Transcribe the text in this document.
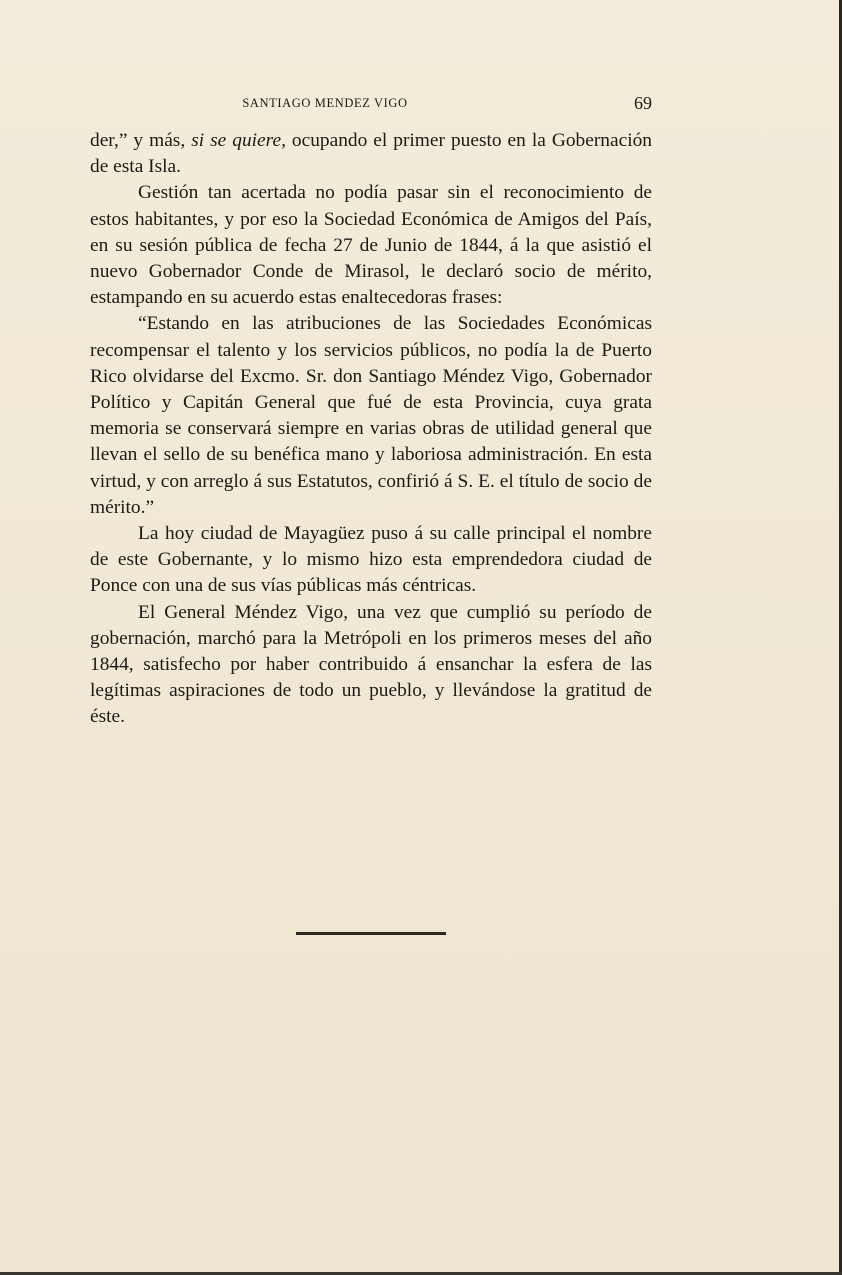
SANTIAGO MENDEZ VIGO	69

der,” y más, si se quiere, ocupando el primer puesto en la Gobernación de esta Isla.

Gestión tan acertada no podía pasar sin el reconocimiento de estos habitantes, y por eso la Sociedad Económica de Amigos del País, en su sesión pública de fecha 27 de Junio de 1844, á la que asistió el nuevo Gobernador Conde de Mirasol, le declaró socio de mérito, estampando en su acuerdo estas enaltecedoras frases:

“Estando en las atribuciones de las Sociedades Económicas recompensar el talento y los servicios públicos, no podía la de Puerto Rico olvidarse del Excmo. Sr. don Santiago Méndez Vigo, Gobernador Político y Capitán General que fué de esta Provincia, cuya grata memoria se conservará siempre en varias obras de utilidad general que llevan el sello de su benéfica mano y laboriosa administración. En esta virtud, y con arreglo á sus Estatutos, confirió á S. E. el título de socio de mérito.”

La hoy ciudad de Mayagüez puso á su calle principal el nombre de este Gobernante, y lo mismo hizo esta emprendedora ciudad de Ponce con una de sus vías públicas más céntricas.

El General Méndez Vigo, una vez que cumplió su período de gobernación, marchó para la Metrópoli en los primeros meses del año 1844, satisfecho por haber contribuido á ensanchar la esfera de las legítimas aspiraciones de todo un pueblo, y llevándose la gratitud de éste.
